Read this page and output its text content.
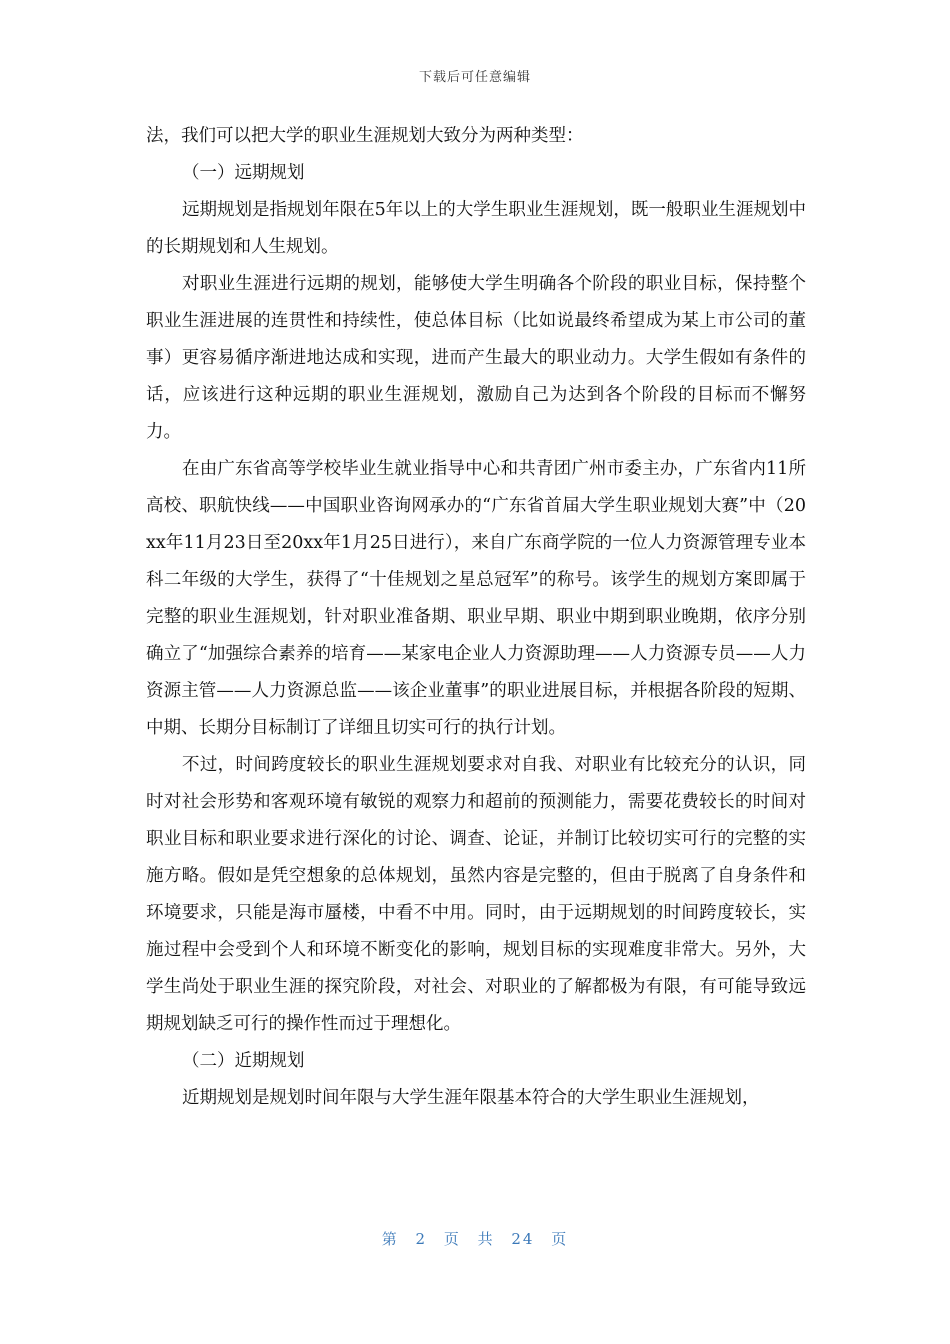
下载后可任意编辑

法，我们可以把大学的职业生涯规划大致分为两种类型：

（一）远期规划

远期规划是指规划年限在5年以上的大学生职业生涯规划，既一般职业生涯规划中的长期规划和人生规划。

对职业生涯进行远期的规划，能够使大学生明确各个阶段的职业目标，保持整个职业生涯进展的连贯性和持续性，使总体目标（比如说最终希望成为某上市公司的董事）更容易循序渐进地达成和实现，进而产生最大的职业动力。大学生假如有条件的话，应该进行这种远期的职业生涯规划，激励自己为达到各个阶段的目标而不懈努力。

在由广东省高等学校毕业生就业指导中心和共青团广州市委主办，广东省内11所高校、职航快线——中国职业咨询网承办的“广东省首届大学生职业规划大赛”中（20xx年11月23日至20xx年1月25日进行），来自广东商学院的一位人力资源管理专业本科二年级的大学生，获得了“十佳规划之星总冠军”的称号。该学生的规划方案即属于完整的职业生涯规划，针对职业准备期、职业早期、职业中期到职业晚期，依序分别确立了“加强综合素养的培育——某家电企业人力资源助理——人力资源专员——人力资源主管——人力资源总监——该企业董事”的职业进展目标，并根据各阶段的短期、中期、长期分目标制订了详细且切实可行的执行计划。

不过，时间跨度较长的职业生涯规划要求对自我、对职业有比较充分的认识，同时对社会形势和客观环境有敏锐的观察力和超前的预测能力，需要花费较长的时间对职业目标和职业要求进行深化的讨论、调查、论证，并制订比较切实可行的完整的实施方略。假如是凭空想象的总体规划，虽然内容是完整的，但由于脱离了自身条件和环境要求，只能是海市蜃楼，中看不中用。同时，由于远期规划的时间跨度较长，实施过程中会受到个人和环境不断变化的影响，规划目标的实现难度非常大。另外，大学生尚处于职业生涯的探究阶段，对社会、对职业的了解都极为有限，有可能导致远期规划缺乏可行的操作性而过于理想化。

（二）近期规划

近期规划是规划时间年限与大学生涯年限基本符合的大学生职业生涯规划，

第 2 页 共 24 页
